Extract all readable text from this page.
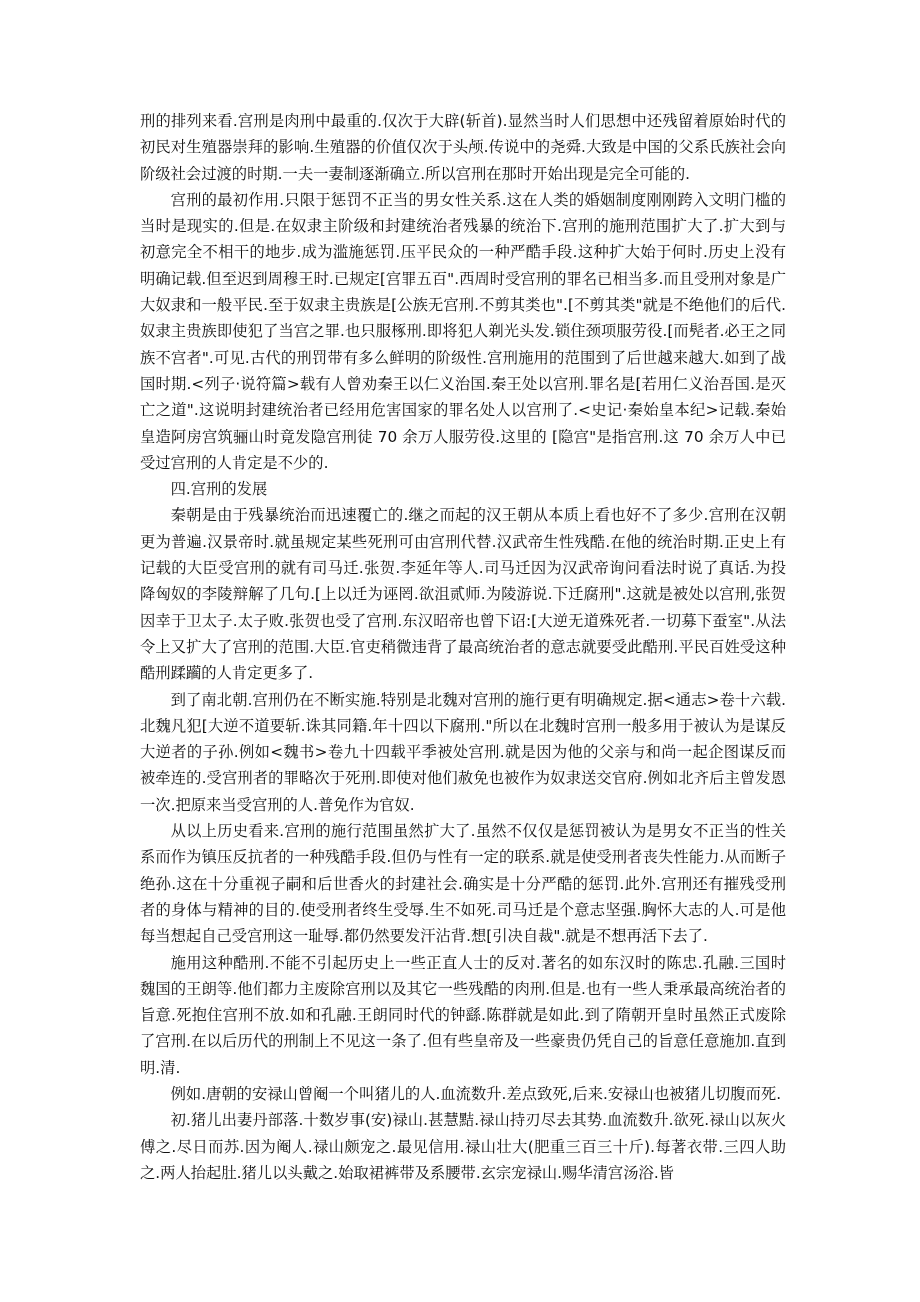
刑的排列来看.宫刑是肉刑中最重的.仅次于大辟(斩首).显然当时人们思想中还残留着原始时代的初民对生殖器崇拜的影响.生殖器的价值仅次于头颅.传说中的尧舜.大致是中国的父系氏族社会向阶级社会过渡的时期.一夫一妻制逐渐确立.所以宫刑在那时开始出现是完全可能的.

宫刑的最初作用.只限于惩罚不正当的男女性关系.这在人类的婚姻制度刚刚跨入文明门槛的当时是现实的.但是.在奴隶主阶级和封建统治者残暴的统治下.宫刑的施刑范围扩大了.扩大到与初意完全不相干的地步.成为滥施惩罚.压平民众的一种严酷手段.这种扩大始于何时.历史上没有明确记载.但至迟到周穆王时.已规定[宫罪五百".西周时受宫刑的罪名已相当多.而且受刑对象是广大奴隶和一般平民.至于奴隶主贵族是[公族无宫刑.不剪其类也".[不剪其类"就是不绝他们的后代.奴隶主贵族即使犯了当宫之罪.也只服椓刑.即将犯人剃光头发.锁住颈项服劳役.[而髡者.必王之同族不宫者".可见.古代的刑罚带有多么鲜明的阶级性.宫刑施用的范围到了后世越来越大.如到了战国时期.<列子·说符篇>载有人曾劝秦王以仁义治国.秦王处以宫刑.罪名是[若用仁义治吾国.是灭亡之道".这说明封建统治者已经用危害国家的罪名处人以宫刑了.<史记·秦始皇本纪>记载.秦始皇造阿房宫筑骊山时竟发隐宫刑徒 70 余万人服劳役.这里的 [隐宫"是指宫刑.这 70 余万人中已受过宫刑的人肯定是不少的.

四.宫刑的发展

秦朝是由于残暴统治而迅速覆亡的.继之而起的汉王朝从本质上看也好不了多少.宫刑在汉朝更为普遍.汉景帝时.就虽规定某些死刑可由宫刑代替.汉武帝生性残酷.在他的统治时期.正史上有记载的大臣受宫刑的就有司马迁.张贺.李延年等人.司马迁因为汉武帝询问看法时说了真话.为投降匈奴的李陵辩解了几句.[上以迁为诬罔.欲沮贰师.为陵游说.下迁腐刑".这就是被处以宫刑,张贺因幸于卫太子.太子败.张贺也受了宫刑.东汉昭帝也曾下诏:[大逆无道殊死者.一切募下蚕室".从法令上又扩大了宫刑的范围.大臣.官吏稍微违背了最高统治者的意志就要受此酷刑.平民百姓受这种酷刑蹂躏的人肯定更多了.

到了南北朝.宫刑仍在不断实施.特别是北魏对宫刑的施行更有明确规定.据<通志>卷十六载.北魏凡犯[大逆不道要斩.诛其同籍.年十四以下腐刑."所以在北魏时宫刑一般多用于被认为是谋反大逆者的子孙.例如<魏书>卷九十四载平季被处宫刑.就是因为他的父亲与和尚一起企图谋反而被牵连的.受宫刑者的罪略次于死刑.即使对他们赦免也被作为奴隶送交官府.例如北齐后主曾发恩一次.把原来当受宫刑的人.普免作为官奴.

从以上历史看来.宫刑的施行范围虽然扩大了.虽然不仅仅是惩罚被认为是男女不正当的性关系而作为镇压反抗者的一种残酷手段.但仍与性有一定的联系.就是使受刑者丧失性能力.从而断子绝孙.这在十分重视子嗣和后世香火的封建社会.确实是十分严酷的惩罚.此外.宫刑还有摧残受刑者的身体与精神的目的.使受刑者终生受辱.生不如死.司马迁是个意志坚强.胸怀大志的人.可是他每当想起自己受宫刑这一耻辱.都仍然要发汗沾背.想[引决自裁".就是不想再活下去了.

施用这种酷刑.不能不引起历史上一些正直人士的反对.著名的如东汉时的陈忠.孔融.三国时魏国的王朗等.他们都力主废除宫刑以及其它一些残酷的肉刑.但是.也有一些人秉承最高统治者的旨意.死抱住宫刑不放.如和孔融.王朗同时代的钟繇.陈群就是如此.到了隋朝开皇时虽然正式废除了宫刑.在以后历代的刑制上不见这一条了.但有些皇帝及一些豪贵仍凭自己的旨意任意施加.直到明.清.

例如.唐朝的安禄山曾阉一个叫猪儿的人.血流数升.差点致死,后来.安禄山也被猪儿切腹而死.

初.猪儿出妻丹部落.十数岁事(安)禄山.甚慧黠.禄山持刃尽去其势.血流数升.欲死.禄山以灰火傅之.尽日而苏.因为阉人.禄山颇宠之.最见信用.禄山壮大(肥重三百三十斤).每著衣带.三四人助之.两人抬起肚.猪儿以头戴之.始取裙裤带及系腰带.玄宗宠禄山.赐华清宫汤浴.皆
